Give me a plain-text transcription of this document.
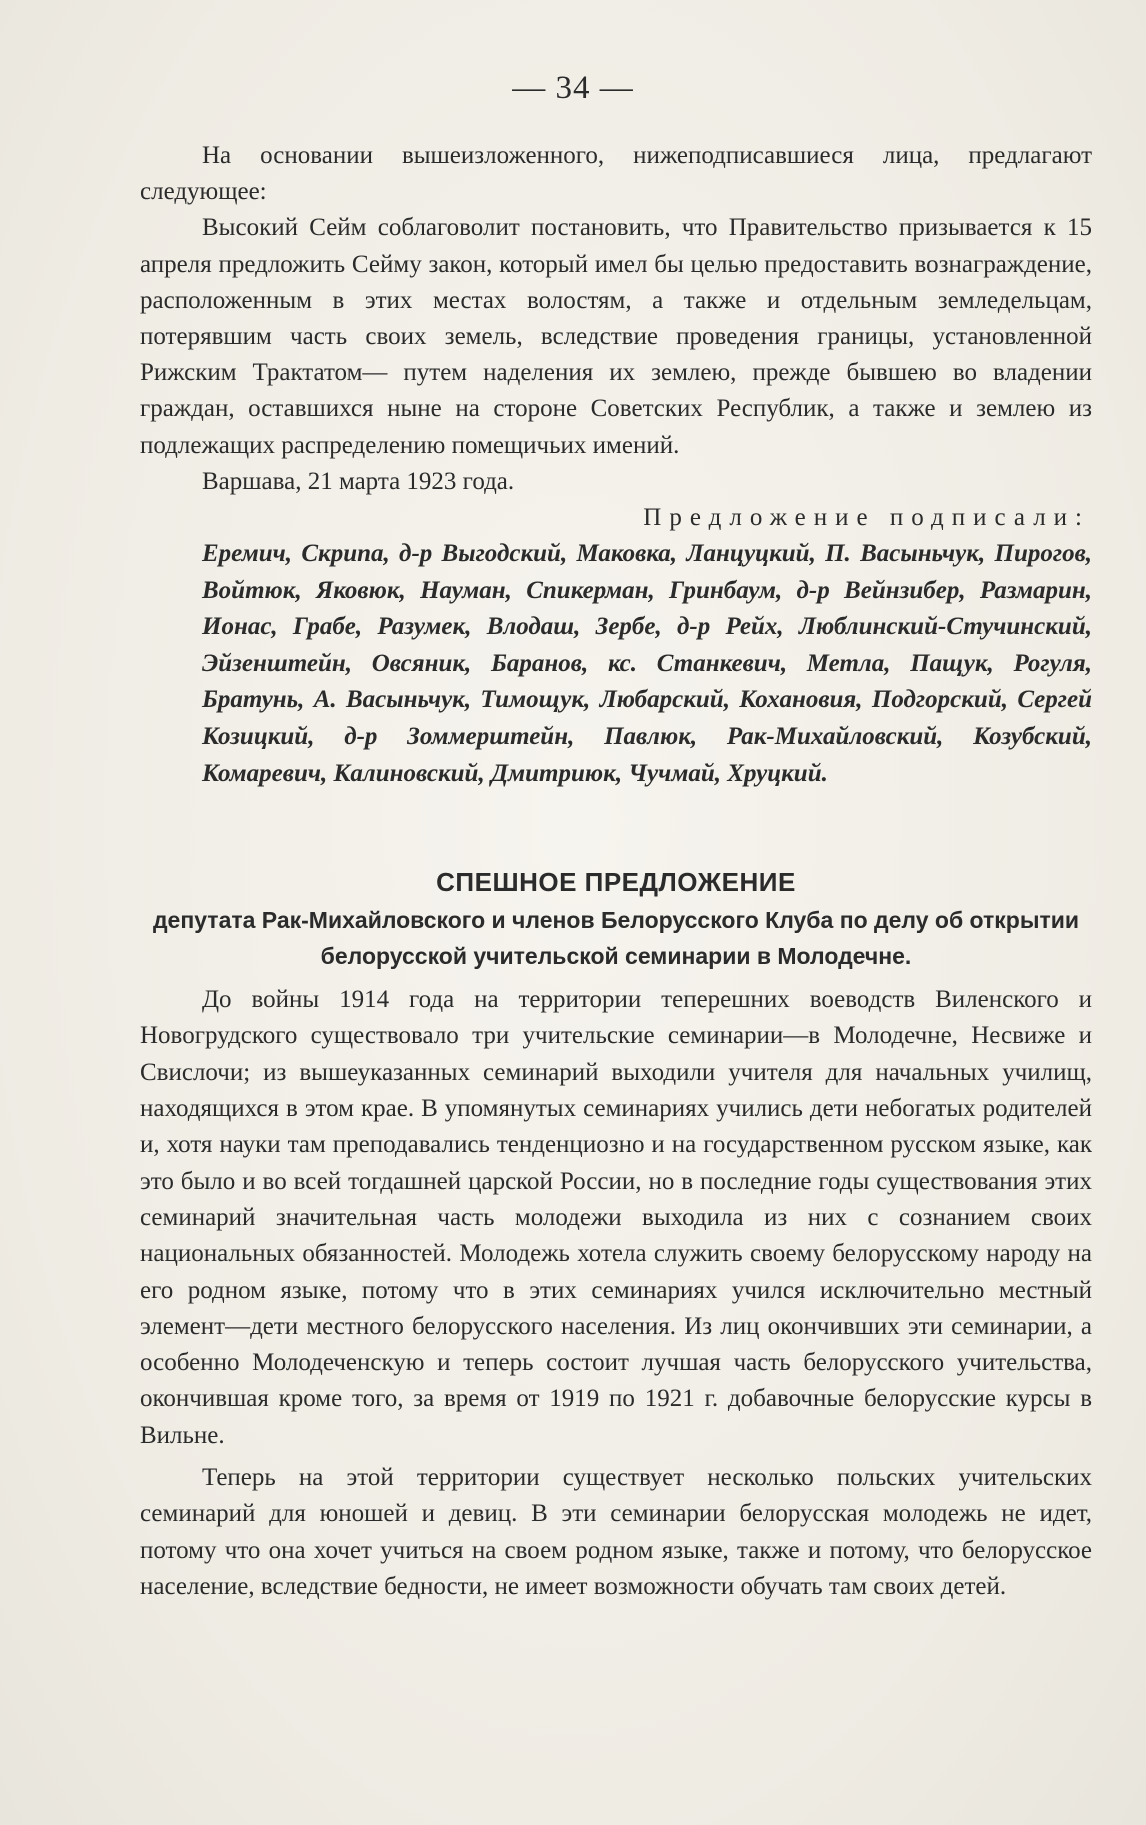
— 34 —

На основании вышеизложенного, нижеподписавшиеся лица, предлагают следующее:

Высокий Сейм соблаговолит постановить, что Правительство призывается к 15 апреля предложить Сейму закон, который имел бы целью предоставить вознаграждение, расположенным в этих местах волостям, а также и отдельным земледельцам, потерявшим часть своих земель, вследствие проведения границы, установленной Рижским Трактатом— путем наделения их землею, прежде бывшею во владении граждан, оставшихся ныне на стороне Советских Республик, а также и землею из подлежащих распределению помещичьих имений.

Варшава, 21 марта 1923 года.

Предложение подписали:

Еремич, Скрипа, д-р Выгодский, Маковка, Ланцуцкий, П. Васыньчук, Пирогов, Войтюк, Яковюк, Науман, Спикерман, Гринбаум, д-р Вейнзибер, Размарин, Ионас, Грабе, Разумек, Влодаш, Зербе, д-р Рейх, Люблинский-Стучинский, Эйзенштейн, Овсяник, Баранов, кс. Станкевич, Метла, Пащук, Рогуля, Братунь, А. Васыньчук, Тимощук, Любарский, Кохановия, Подгорский, Сергей Козицкий, д-р Зоммерштейн, Павлюк, Рак-Михайловский, Козубский, Комаревич, Калиновский, Дмитриюк, Чучмай, Хруцкий.

СПЕШНОЕ ПРЕДЛОЖЕНИЕ
депутата Рак-Михайловского и членов Белорусского Клуба по делу об открытии белорусской учительской семинарии в Молодечне.

До войны 1914 года на территории теперешних воеводств Виленского и Новогрудского существовало три учительские семинарии—в Молодечне, Несвиже и Свислочи; из вышеуказанных семинарий выходили учителя для начальных училищ, находящихся в этом крае. В упомянутых семинариях учились дети небогатых родителей и, хотя науки там преподавались тенденциозно и на государственном русском языке, как это было и во всей тогдашней царской России, но в последние годы существования этих семинарий значительная часть молодежи выходила из них с сознанием своих национальных обязанностей. Молодежь хотела служить своему белорусскому народу на его родном языке, потому что в этих семинариях учился исключительно местный элемент—дети местного белорусского населения. Из лиц окончивших эти семинарии, а особенно Молодеченскую и теперь состоит лучшая часть белорусского учительства, окончившая кроме того, за время от 1919 по 1921 г. добавочные белорусские курсы в Вильне.

Теперь на этой территории существует несколько польских учительских семинарий для юношей и девиц. В эти семинарии белорусская молодежь не идет, потому что она хочет учиться на своем родном языке, также и потому, что белорусское население, вследствие бедности, не имеет возможности обучать там своих детей.
